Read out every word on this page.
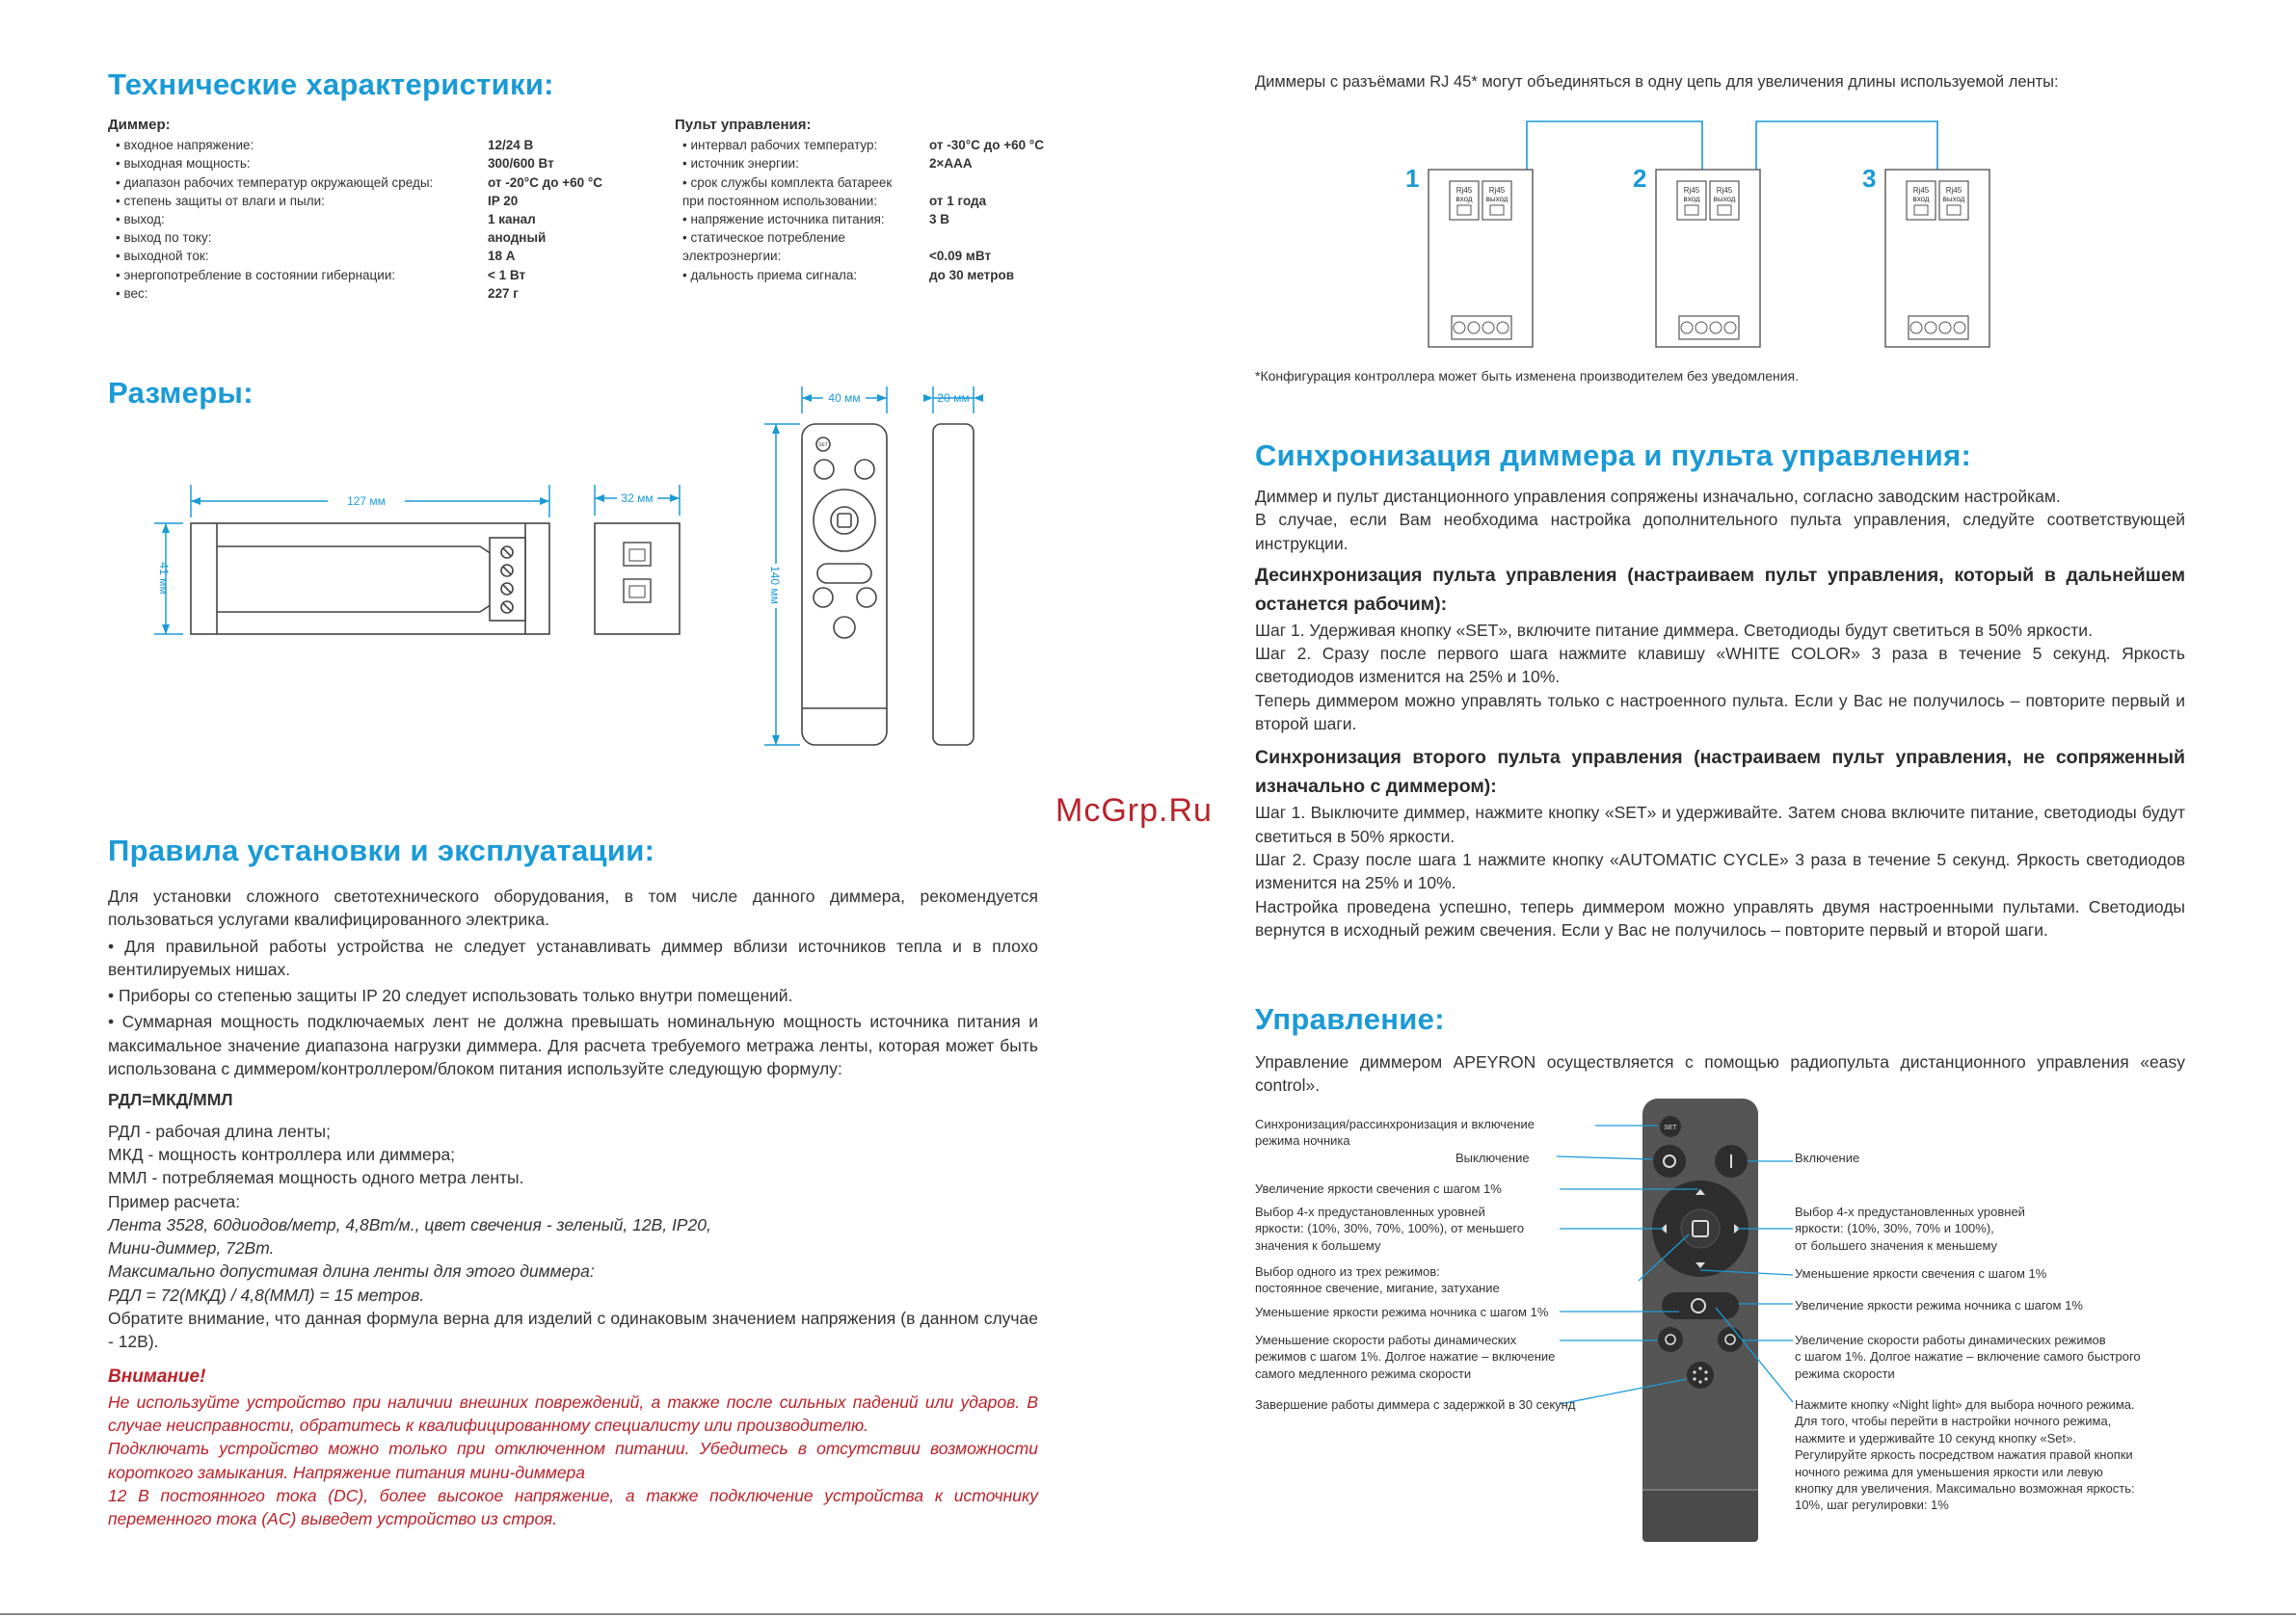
Технические характеристики:
Диммер:
• входное напряжение:	12/24 В
• выходная мощность:	300/600 Вт
• диапазон рабочих температур окружающей среды:	от -20°С до +60 °С
• степень защиты от влаги и пыли:	IP 20
• выход:	1 канал
• выход по току:	анодный
• выходной ток:	18 А
• энергопотребление в состоянии гибернации:	< 1 Вт
• вес:	227 г
Пульт управления:
• интервал рабочих температур:	от -30°С до +60 °С
• источник энергии:	2×ААА
• срок службы комплекта батареек
при постоянном использовании:	от 1 года
• напряжение источника питания:	3 В
• статическое потребление
электроэнергии:	<0.09 мВт
• дальность приема сигнала:	до 30 метров
Размеры:
127 мм
41 мм
32 мм
40 мм
140 мм
SET
20 мм
Правила установки и эксплуатации:

Для установки сложного светотехнического оборудования, в том числе данного диммера, рекомендуется пользоваться услугами квалифицированного электрика.

• Для правильной работы устройства не следует устанавливать диммер вблизи источников тепла и в плохо вентилируемых нишах.

• Приборы со степенью защиты IP 20 следует использовать только внутри помещений.

• Суммарная мощность подключаемых лент не должна превышать номинальную мощность источника питания и максимальное значение диапазона нагрузки диммера. Для расчета требуемого метража ленты, которая может быть использована с диммером/контроллером/блоком питания используйте следующую формулу:

РДЛ=МКД/ММЛ

РДЛ - рабочая длина ленты;

МКД - мощность контроллера или диммера;

ММЛ - потребляемая мощность одного метра ленты.

Пример расчета:

Лента 3528, 60диодов/метр, 4,8Вт/м., цвет свечения - зеленый, 12В, IP20,

Мини-диммер, 72Вт.

Максимально допустимая длина ленты для этого диммера:

РДЛ = 72(МКД) / 4,8(ММЛ) = 15 метров.

Обратите внимание, что данная формула верна для изделий с одинаковым значением напряжения (в данном случае - 12В).

Внимание!

Не используйте устройство при наличии внешних повреждений, а также после сильных падений или ударов. В случае неисправности, обратитесь к квалифицированному специалисту или производителю.

Подключать устройство можно только при отключенном питании. Убедитесь в отсутствии возможности короткого замыкания. Напряжение питания мини-диммера

12 В постоянного тока (DC), более высокое напряжение, а также подключение устройства к источнику переменного тока (AC) выведет устройство из строя.

McGrp.Ru
Диммеры с разъёмами RJ 45* могут объединяться в одну цепь для увеличения длины используемой ленты:
1	Rj45
вход
Rj45
выход
2	Rj45
вход
Rj45
выход
3	Rj45
вход
Rj45
выход
*Конфигурация контроллера может быть изменена производителем без уведомления.
Синхронизация диммера и пульта управления:

Диммер и пульт дистанционного управления сопряжены изначально, согласно заводским настройкам.

В случае, если Вам необходима настройка дополнительного пульта управления, следуйте соответствующей инструкции.

Десинхронизация пульта управления (настраиваем пульт управления, который в дальнейшем останется рабочим):

Шаг 1. Удерживая кнопку «SET», включите питание диммера. Светодиоды будут светиться в 50% яркости.

Шаг 2. Сразу после первого шага нажмите клавишу «WHITE COLOR» 3 раза в течение 5 секунд. Яркость светодиодов изменится на 25% и 10%.

Теперь диммером можно управлять только с настроенного пульта. Если у Вас не получилось – повторите первый и второй шаги.

Синхронизация второго пульта управления (настраиваем пульт управления, не сопряженный изначально с диммером):

Шаг 1. Выключите диммер, нажмите кнопку «SET» и удерживайте. Затем снова включите питание, светодиоды будут светиться в 50% яркости.

Шаг 2. Сразу после шага 1 нажмите кнопку «AUTOMATIC CYCLE» 3 раза в течение 5 секунд. Яркость светодиодов изменится на 25% и 10%.

Настройка проведена успешно, теперь диммером можно управлять двумя настроенными пультами. Светодиоды вернутся в исходный режим свечения. Если у Вас не получилось – повторите первый и второй шаги.

Управление:
Управление диммером APEYRON осуществляется с помощью радиопульта дистанционного управления «easy control».
SET
Синхронизация/рассинхронизация и включение
режима ночника
Выключение
Увеличение яркости свечения с шагом 1%
Выбор 4-х предустановленных уровней
яркости: (10%, 30%, 70%, 100%), от меньшего
значения к большему
Выбор одного из трех режимов:
постоянное свечение, мигание, затухание
Уменьшение яркости режима ночника с шагом 1%
Уменьшение скорости работы динамических
режимов с шагом 1%. Долгое нажатие – включение
самого медленного режима скорости
Завершение работы диммера с задержкой в 30 секунд
Включение
Выбор 4-х предустановленных уровней
яркости: (10%, 30%, 70% и 100%),
от большего значения к меньшему
Уменьшение яркости свечения с шагом 1%
Увеличение яркости режима ночника с шагом 1%
Увеличение скорости работы динамических режимов
с шагом 1%. Долгое нажатие – включение самого быстрого
режима скорости
Нажмите кнопку «Night light» для выбора ночного режима.
Для того, чтобы перейти в настройки ночного режима,
нажмите и удерживайте 10 секунд кнопку «Set».
Регулируйте яркость посредством нажатия правой кнопки
ночного режима для уменьшения яркости или левую
кнопку для увеличения. Максимально возможная яркость:
10%, шаг регулировки: 1%
